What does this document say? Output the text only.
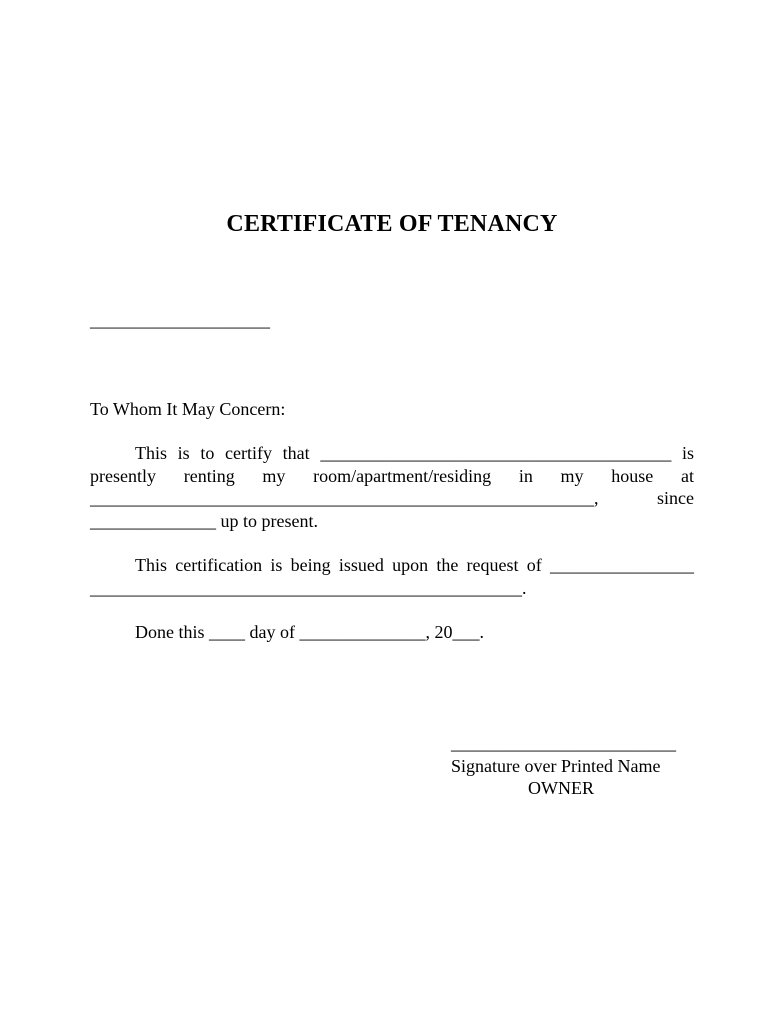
CERTIFICATE OF TENANCY
____________________
To Whom It May Concern:
This is to certify that _______________________________________ is presently renting my room/apartment/residing in my house at ________________________________________________________, since ______________ up to present.
This certification is being issued upon the request of ________________ ________________________________________________.
Done this ____ day of ______________, 20___.
_________________________
Signature over Printed Name
OWNER
